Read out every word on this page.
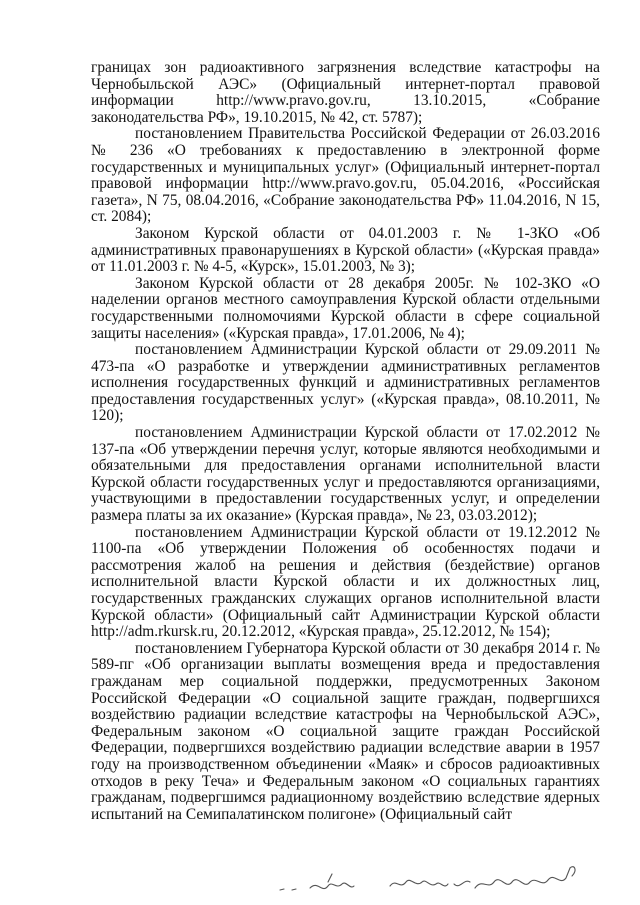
границах зон радиоактивного загрязнения вследствие катастрофы на Чернобыльской АЭС» (Официальный интернет-портал правовой информации http://www.pravo.gov.ru, 13.10.2015, «Собрание законодательства РФ», 19.10.2015, № 42, ст. 5787);

постановлением Правительства Российской Федерации от 26.03.2016 № 236 «О требованиях к предоставлению в электронной форме государственных и муниципальных услуг» (Официальный интернет-портал правовой информации http://www.pravo.gov.ru, 05.04.2016, «Российская газета», N 75, 08.04.2016, «Собрание законодательства РФ» 11.04.2016, N 15, ст. 2084);

Законом Курской области от 04.01.2003 г. № 1-ЗКО «Об административных правонарушениях в Курской области» («Курская правда» от 11.01.2003 г. № 4-5, «Курск», 15.01.2003, № 3);

Законом Курской области от 28 декабря 2005г. № 102-ЗКО «О наделении органов местного самоуправления Курской области отдельными государственными полномочиями Курской области в сфере социальной защиты населения» («Курская правда», 17.01.2006, № 4);

постановлением Администрации Курской области от 29.09.2011 № 473-па «О разработке и утверждении административных регламентов исполнения государственных функций и административных регламентов предоставления государственных услуг» («Курская правда», 08.10.2011, № 120);

постановлением Администрации Курской области от 17.02.2012 № 137-па «Об утверждении перечня услуг, которые являются необходимыми и обязательными для предоставления органами исполнительной власти Курской области государственных услуг и предоставляются организациями, участвующими в предоставлении государственных услуг, и определении размера платы за их оказание» (Курская правда», № 23, 03.03.2012);

постановлением Администрации Курской области от 19.12.2012 № 1100-па «Об утверждении Положения об особенностях подачи и рассмотрения жалоб на решения и действия (бездействие) органов исполнительной власти Курской области и их должностных лиц, государственных гражданских служащих органов исполнительной власти Курской области» (Официальный сайт Администрации Курской области http://adm.rkursk.ru, 20.12.2012, «Курская правда», 25.12.2012, № 154);

постановлением Губернатора Курской области от 30 декабря 2014 г. № 589-пг «Об организации выплаты возмещения вреда и предоставления гражданам мер социальной поддержки, предусмотренных Законом Российской Федерации «О социальной защите граждан, подвергшихся воздействию радиации вследствие катастрофы на Чернобыльской АЭС», Федеральным законом «О социальной защите граждан Российской Федерации, подвергшихся воздействию радиации вследствие аварии в 1957 году на производственном объединении «Маяк» и сбросов радиоактивных отходов в реку Теча» и Федеральным законом «О социальных гарантиях гражданам, подвергшимся радиационному воздействию вследствие ядерных испытаний на Семипалатинском полигоне» (Официальный сайт
